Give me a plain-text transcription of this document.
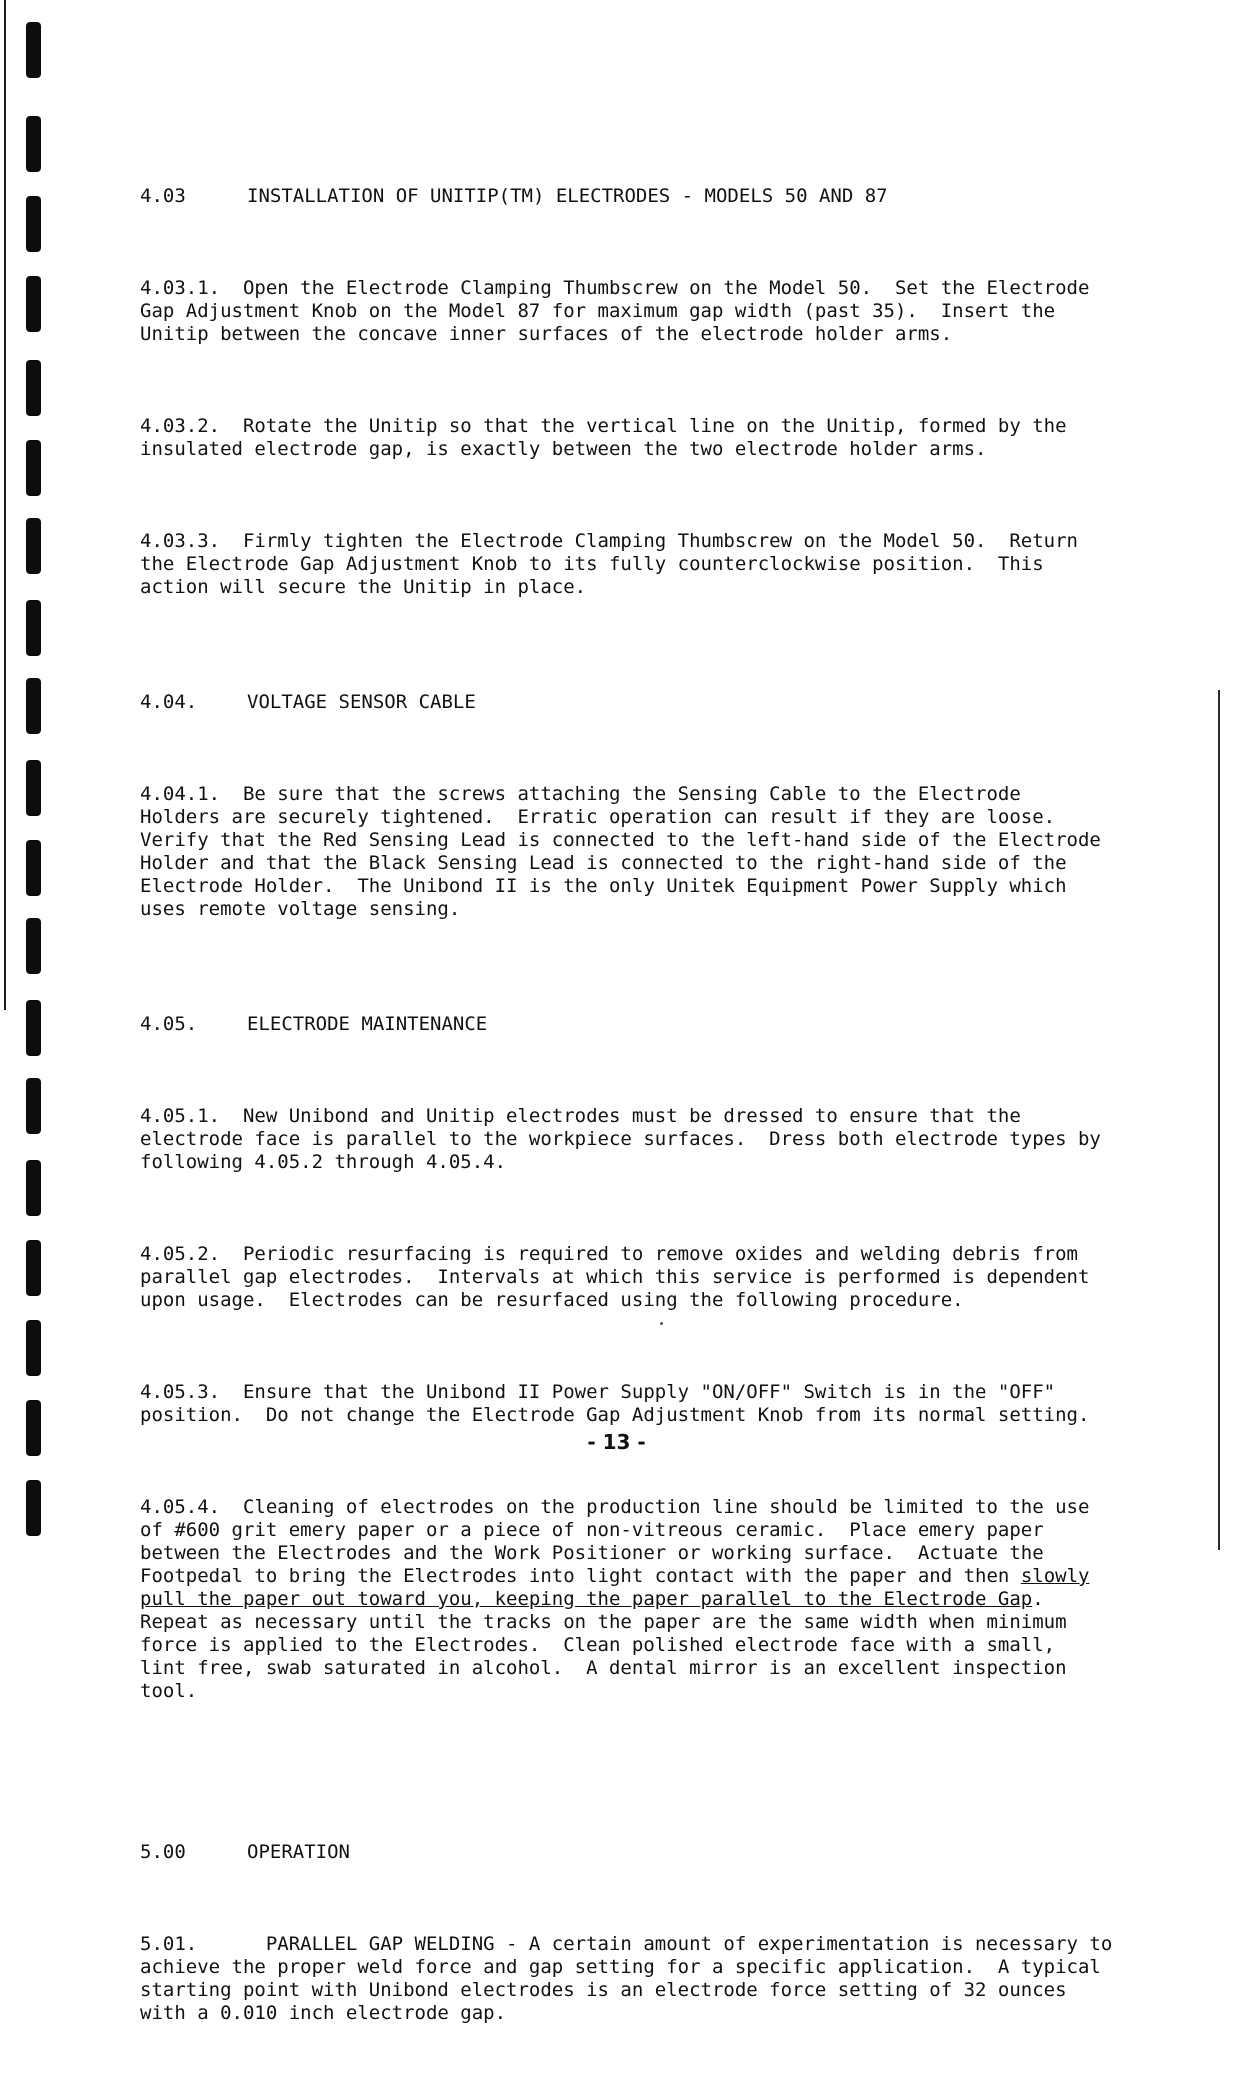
4.03	INSTALLATION OF UNITIP(TM) ELECTRODES - MODELS 50 AND 87

4.03.1.  Open the Electrode Clamping Thumbscrew on the Model 50.  Set the Electrode
Gap Adjustment Knob on the Model 87 for maximum gap width (past 35).  Insert the
Unitip between the concave inner surfaces of the electrode holder arms.

4.03.2.  Rotate the Unitip so that the vertical line on the Unitip, formed by the
insulated electrode gap, is exactly between the two electrode holder arms.

4.03.3.  Firmly tighten the Electrode Clamping Thumbscrew on the Model 50.  Return
the Electrode Gap Adjustment Knob to its fully counterclockwise position.  This
action will secure the Unitip in place.

4.04.	VOLTAGE SENSOR CABLE

4.04.1.  Be sure that the screws attaching the Sensing Cable to the Electrode
Holders are securely tightened.  Erratic operation can result if they are loose.
Verify that the Red Sensing Lead is connected to the left-hand side of the Electrode
Holder and that the Black Sensing Lead is connected to the right-hand side of the
Electrode Holder.  The Unibond II is the only Unitek Equipment Power Supply which
uses remote voltage sensing.

4.05.	ELECTRODE MAINTENANCE

4.05.1.  New Unibond and Unitip electrodes must be dressed to ensure that the
electrode face is parallel to the workpiece surfaces.  Dress both electrode types by
following 4.05.2 through 4.05.4.

4.05.2.  Periodic resurfacing is required to remove oxides and welding debris from
parallel gap electrodes.  Intervals at which this service is performed is dependent
upon usage.  Electrodes can be resurfaced using the following procedure.

4.05.3.  Ensure that the Unibond II Power Supply "ON/OFF" Switch is in the "OFF"
position.  Do not change the Electrode Gap Adjustment Knob from its normal setting.

4.05.4.  Cleaning of electrodes on the production line should be limited to the use
of #600 grit emery paper or a piece of non-vitreous ceramic.  Place emery paper
between the Electrodes and the Work Positioner or working surface.  Actuate the
Footpedal to bring the Electrodes into light contact with the paper and then slowly
pull the paper out toward you, keeping the paper parallel to the Electrode Gap.
Repeat as necessary until the tracks on the paper are the same width when minimum
force is applied to the Electrodes.  Clean polished electrode face with a small,
lint free, swab saturated in alcohol.  A dental mirror is an excellent inspection
tool.

5.00	OPERATION

5.01.      PARALLEL GAP WELDING - A certain amount of experimentation is necessary to
achieve the proper weld force and gap setting for a specific application.  A typical
starting point with Unibond electrodes is an electrode force setting of 32 ounces
with a 0.010 inch electrode gap.

- 13 -
